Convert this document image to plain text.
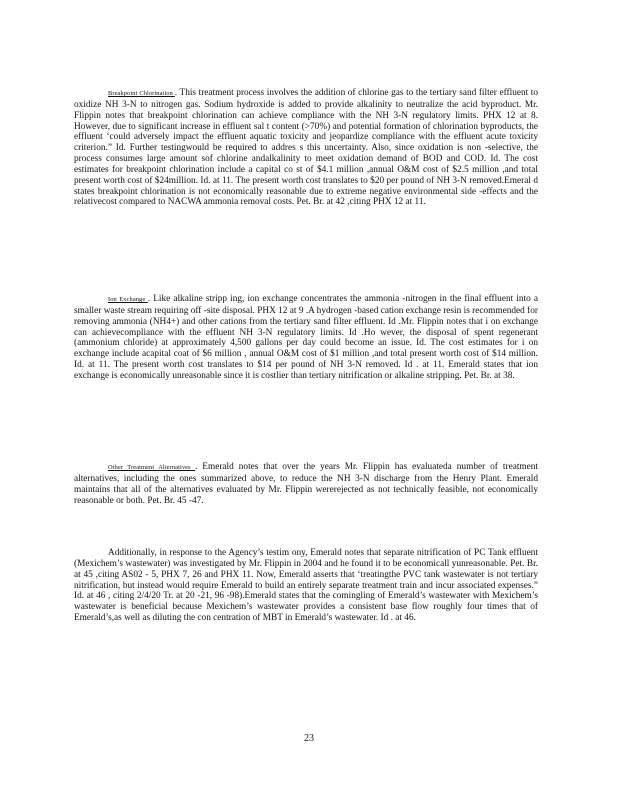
Breakpoint Chlorination . This treatment process involves the addition of chlorine gas to the tertiary sand filter effluent to oxidize NH 3-N to nitrogen gas. Sodium hydroxide is added to provide alkalinity to neutralize the acid byproduct. Mr. Flippin notes that breakpoint chlorination can achieve compliance with the NH 3-N regulatory limits. PHX 12 at 8. However, due to significant increase in effluent sal t content (>70%) and potential formation of chlorination byproducts, the effluent ‘could adversely impact the effluent aquatic toxicity and jeopardize compliance with the effluent acute toxicity criterion.” Id. Further testingwould be required to addres s this uncertainty. Also, since oxidation is non -selective, the process consumes large amount sof chlorine andalkalinity to meet oxidation demand of BOD and COD. Id. The cost estimates for breakpoint chlorination include a capital co st of $4.1 million ,annual O&M cost of $2.5 million ,and total present worth cost of $24million. Id. at 11. The present worth cost translates to $20 per pound of NH 3-N removed.Emeral d states breakpoint chlorination is not economically reasonable due to extreme negative environmental side -effects and the relativecost compared to NACWA ammonia removal costs. Pet. Br. at 42 ,citing PHX 12 at 11.

Ion Exchange . Like alkaline stripp ing, ion exchange concentrates the ammonia -nitrogen in the final effluent into a smaller waste stream requiring off -site disposal. PHX 12 at 9 .A hydrogen -based cation exchange resin is recommended for removing ammonia (NH4+) and other cations from the tertiary sand filter effluent. Id .Mr. Flippin notes that i on exchange can achievecompliance with the effluent NH 3-N regulatory limits. Id .Ho wever, the disposal of spent regenerant (ammonium chloride) at approximately 4,500 gallons per day could become an issue. Id. The cost estimates for i on exchange include acapital coat of $6 million , annual O&M cost of $1 million ,and total present worth cost of $14 million. Id. at 11. The present worth cost translates to $14 per pound of NH 3-N removed. Id . at 11. Emerald states that ion exchange is economically unreasonable since it is costlier than tertiary nitrification or alkaline stripping. Pet. Br. at 38.

Other Treatment Alternatives . Emerald notes that over the years Mr. Flippin has evaluateda number of treatment alternatives, including the ones summarized above, to reduce the NH 3-N discharge from the Henry Plant. Emerald maintains that all of the alternatives evaluated by Mr. Flippin wererejected as not technically feasible, not economically reasonable or both. Pet. Br. 45 -47.

Additionally, in response to the Agency’s testim ony, Emerald notes that separate nitrification of PC Tank effluent (Mexichem’s wastewater) was investigated by Mr. Flippin in 2004 and he found it to be economicall yunreasonable. Pet. Br. at 45 ,citing AS02 - 5, PHX 7, 26 and PHX 11. Now, Emerald asserts that ‘treatingthe PVC tank wastewater is not tertiary nitrification, but instead would require Emerald to build an entirely separate treatment train and incur associated expenses.” Id. at 46 , citing 2/4/20 Tr. at 20 -21, 96 -98).Emerald states that the comingling of Emerald’s wastewater with Mexichem’s wastewater is beneficial because Mexichem’s wastewater provides a consistent base flow roughly four times that of Emerald’s,as well as diluting the con centration of MBT in Emerald’s wastewater. Id . at 46.

23
